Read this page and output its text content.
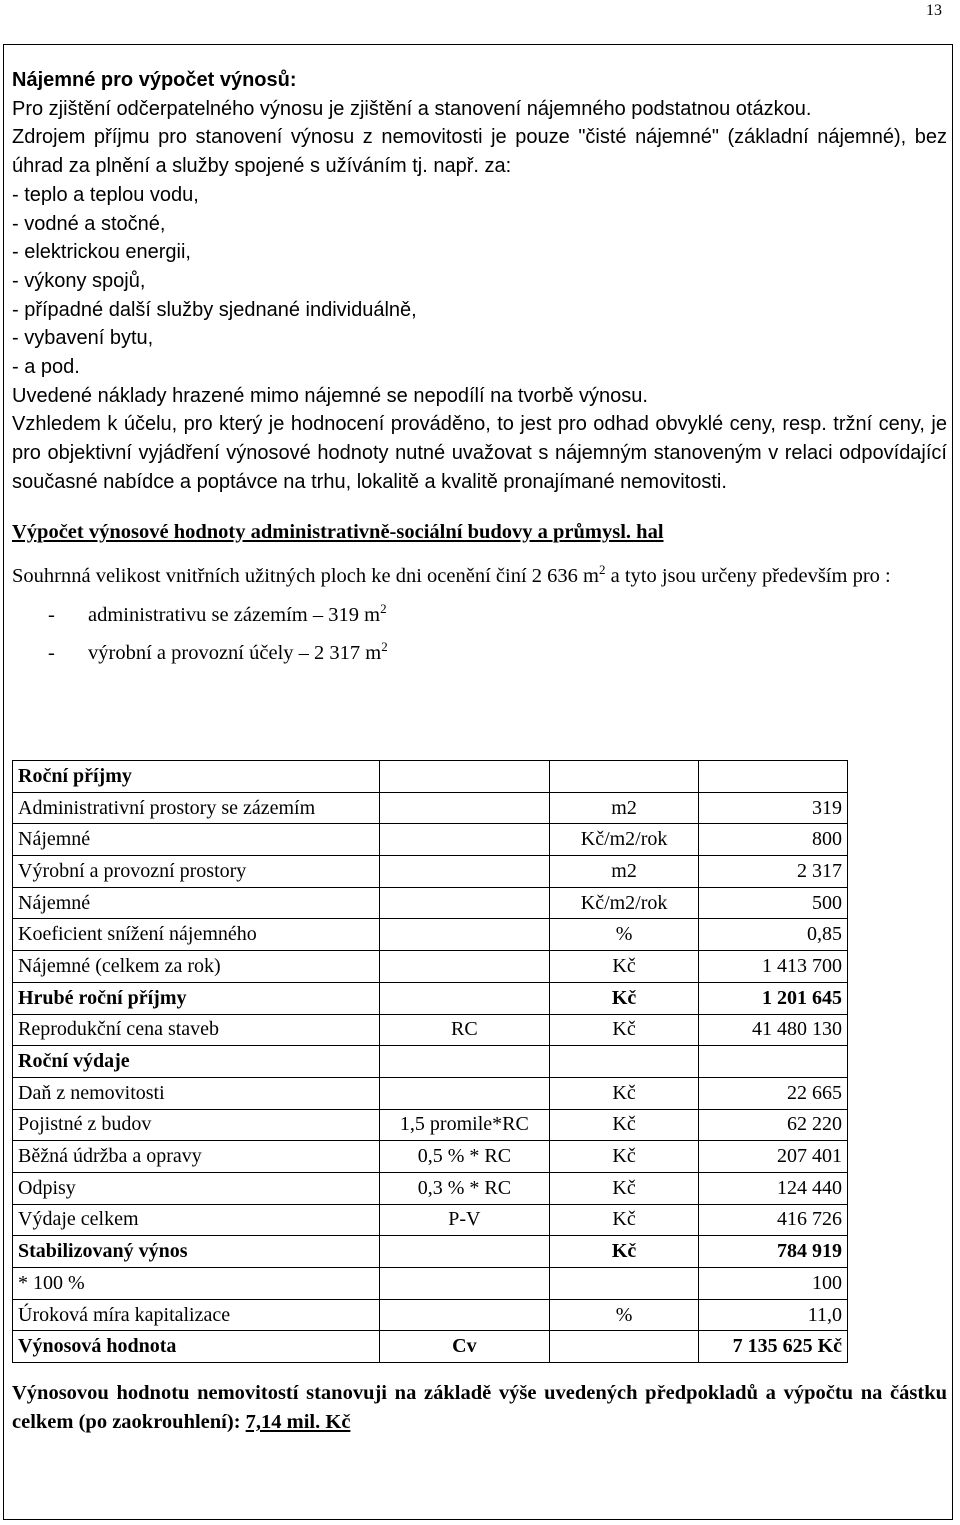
13

Nájemné pro výpočet výnosů:

Pro zjištění odčerpatelného výnosu je zjištění a stanovení nájemného podstatnou otázkou.

Zdrojem příjmu pro stanovení výnosu z nemovitosti je pouze "čisté nájemné" (základní nájemné), bez úhrad za plnění a služby spojené s užíváním tj. např. za:

- teplo a teplou vodu,

- vodné a stočné,

- elektrickou energii,

- výkony spojů,

- případné další služby sjednané individuálně,

- vybavení bytu,

- a pod.

Uvedené náklady hrazené mimo nájemné se nepodílí na tvorbě výnosu.

Vzhledem k účelu, pro který je hodnocení prováděno, to jest pro odhad obvyklé ceny, resp. tržní ceny, je pro objektivní vyjádření výnosové hodnoty nutné uvažovat s nájemným stanoveným v relaci odpovídající současné nabídce a poptávce na trhu, lokalitě a kvalitě pronajímané nemovitosti.

Výpočet výnosové hodnoty administrativně-sociální budovy a průmysl. hal
Souhrnná velikost vnitřních užitných ploch ke dni ocenění činí 2 636 $m^2$ a tyto jsou určeny především pro :
- administrativu se zázemím – 319 $m^2$
- výrobní a provozní účely – 2 317 $m^2$
Roční příjmy			
Administrativní prostory se zázemím		m2	319
Nájemné		Kč/m2/rok	800
Výrobní a provozní prostory		m2	2 317
Nájemné		Kč/m2/rok	500
Koeficient snížení nájemného		%	0,85
Nájemné (celkem za rok)		Kč	1 413 700
Hrubé roční příjmy		Kč	1 201 645
Reprodukční cena staveb	RC	Kč	41 480 130
Roční výdaje			
Daň z nemovitosti		Kč	22 665
Pojistné z budov	1,5 promile*RC	Kč	62 220
Běžná údržba a opravy	0,5 % * RC	Kč	207 401
Odpisy	0,3 % * RC	Kč	124 440
Výdaje celkem	P-V	Kč	416 726
Stabilizovaný výnos		Kč	784 919
* 100 %			100
Úroková míra kapitalizace		%	11,0
Výnosová hodnota	Cv		7 135 625 Kč
Výnosovou hodnotu nemovitostí stanovuji na základě výše uvedených předpokladů a výpočtu na částku celkem (po zaokrouhlení): 7,14 mil. Kč
